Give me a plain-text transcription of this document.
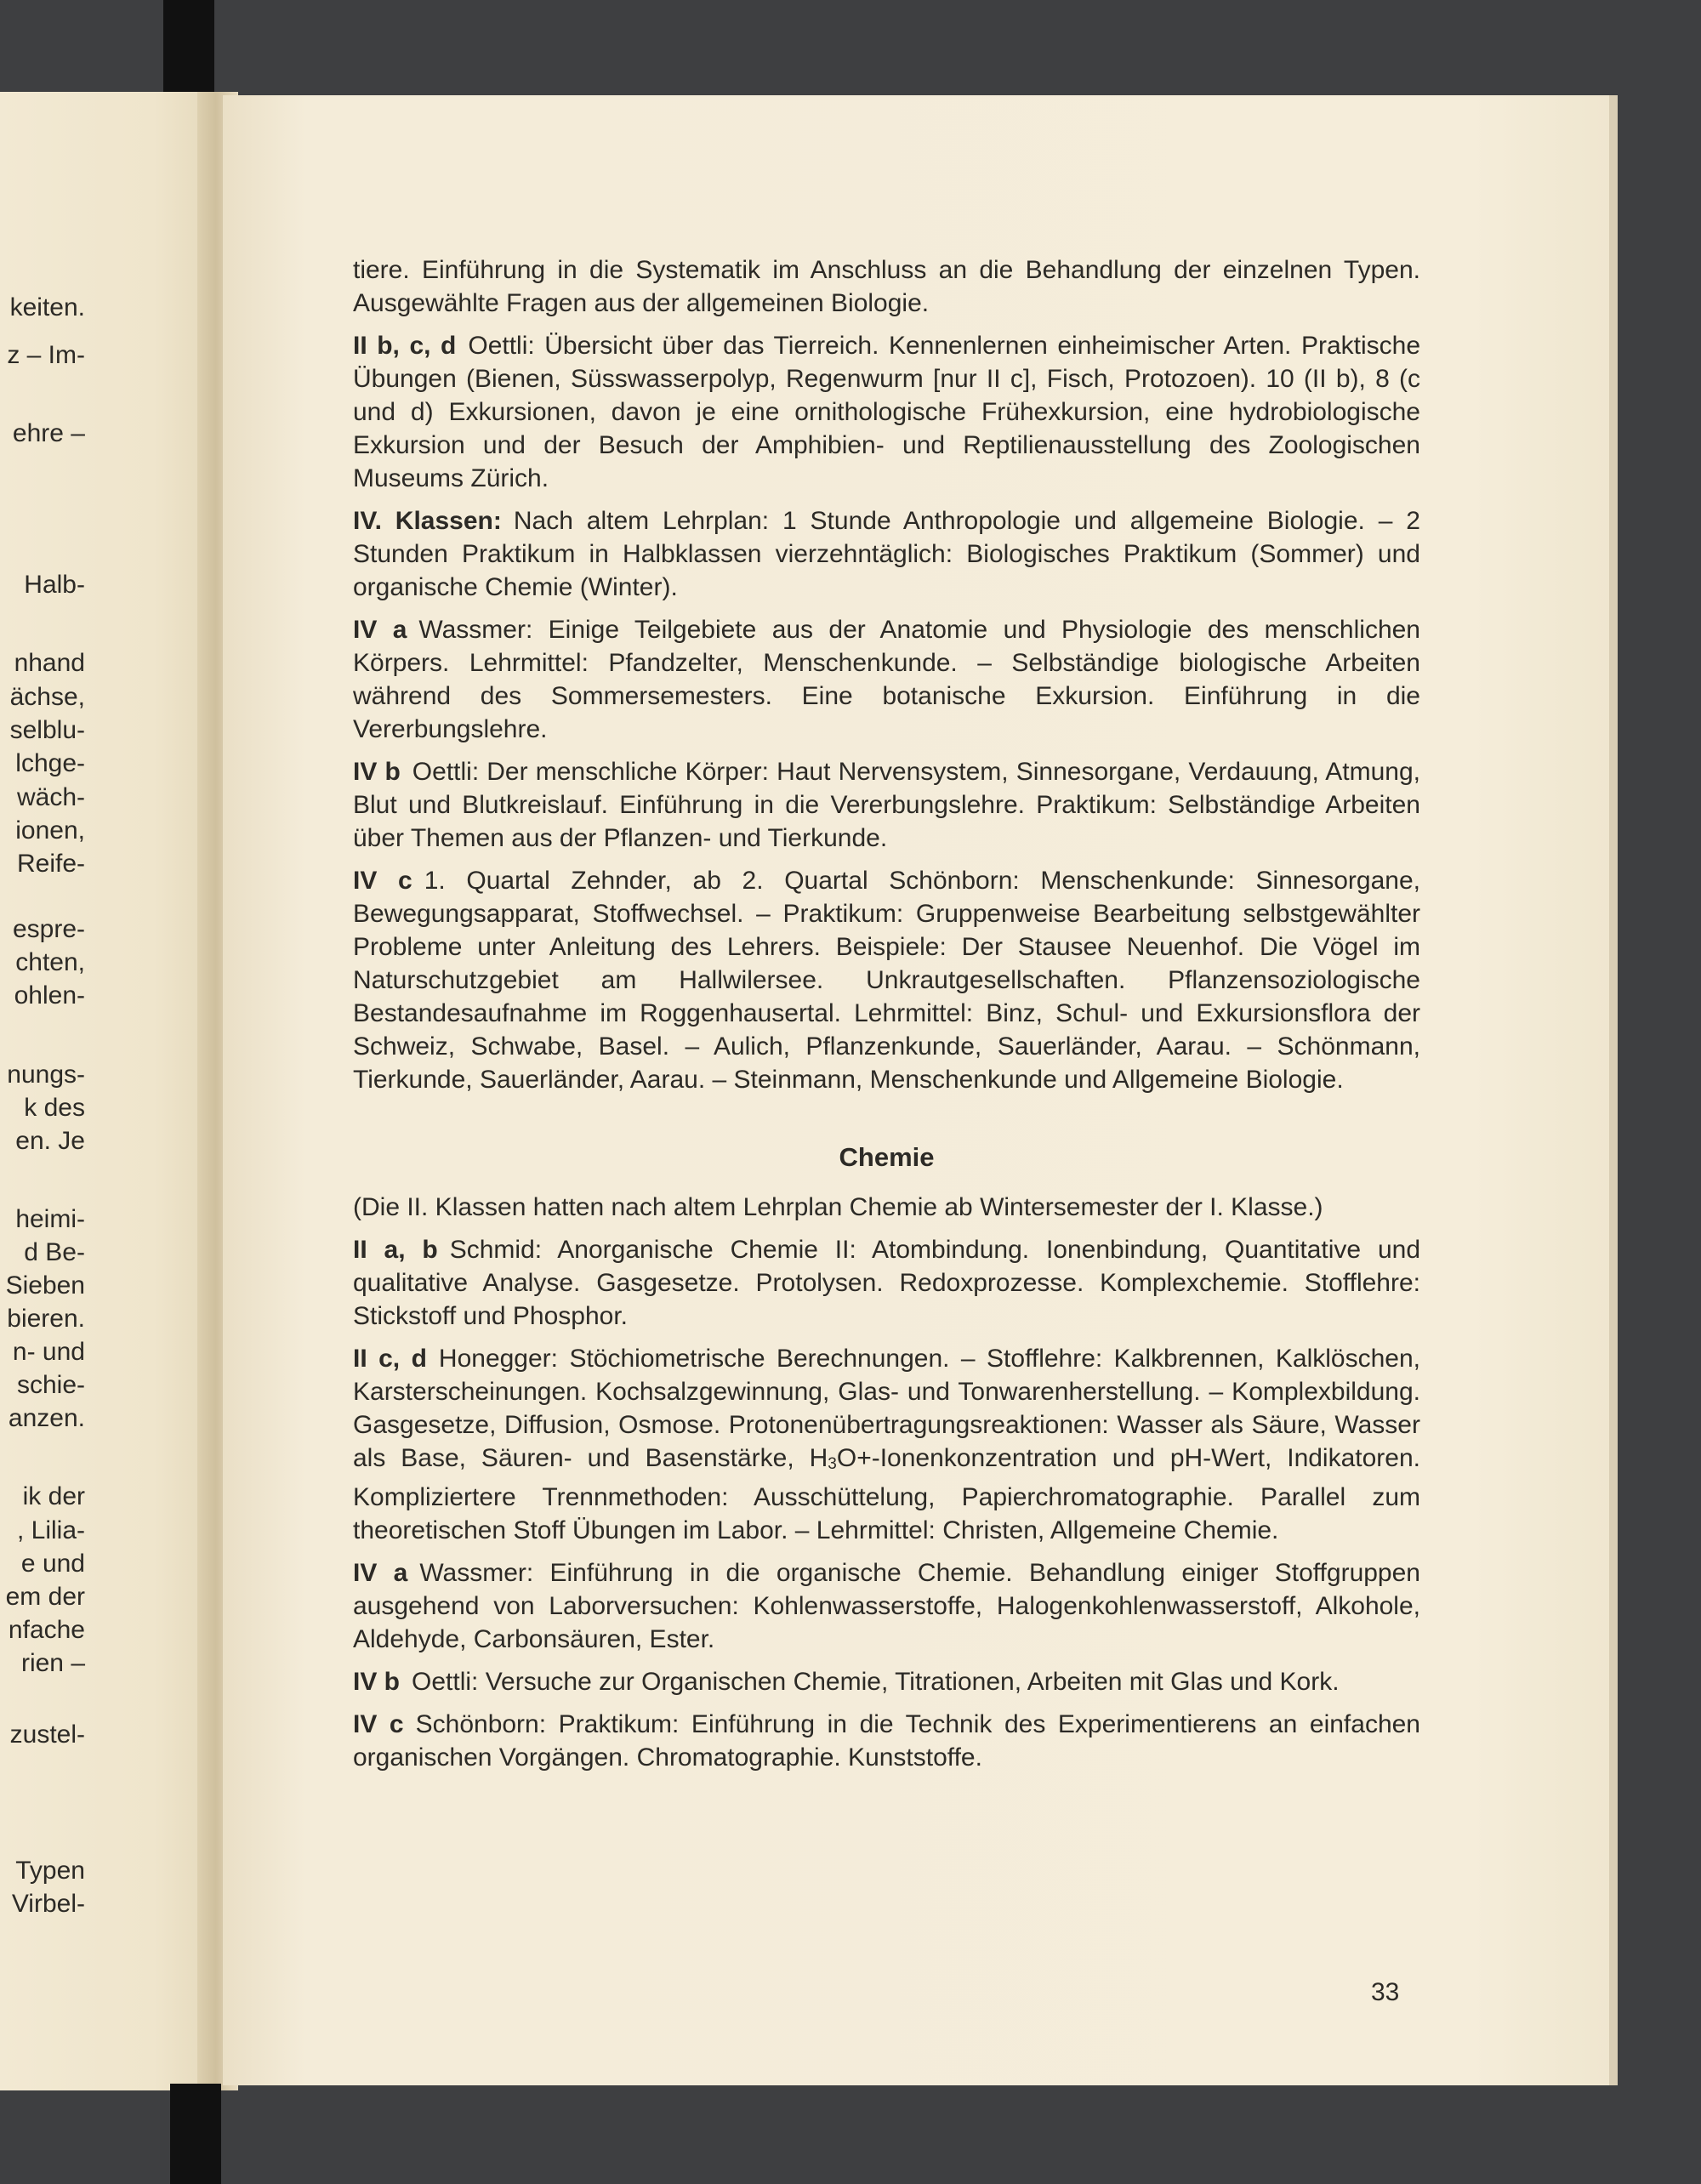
keiten.
z – Im-
ehre –
Halb-
nhand
ächse,
selblu-
lchge-
wäch-
ionen,
Reife-
espre-
chten,
ohlen-
nungs-
k des
en. Je
heimi-
d Be-
Sieben
bieren.
n- und
schie-
anzen.
ik der
, Lilia-
e und
em der
nfache
rien –
zustel-
Typen
Virbel-

tiere. Einführung in die Systematik im Anschluss an die Behandlung der einzelnen Typen. Ausgewählte Fragen aus der allgemeinen Biologie.

II b, c, d Oettli: Übersicht über das Tierreich. Kennenlernen einheimischer Arten. Praktische Übungen (Bienen, Süsswasserpolyp, Regenwurm [nur II c], Fisch, Protozoen). 10 (II b), 8 (c und d) Exkursionen, davon je eine ornithologische Frühexkursion, eine hydrobiologische Exkursion und der Besuch der Amphibien- und Reptilienausstellung des Zoologischen Museums Zürich.

IV. Klassen: Nach altem Lehrplan: 1 Stunde Anthropologie und allgemeine Biologie. – 2 Stunden Praktikum in Halbklassen vierzehntäglich: Biologisches Praktikum (Sommer) und organische Chemie (Winter).

IV a Wassmer: Einige Teilgebiete aus der Anatomie und Physiologie des menschlichen Körpers. Lehrmittel: Pfandzelter, Menschenkunde. – Selbständige biologische Arbeiten während des Sommersemesters. Eine botanische Exkursion. Einführung in die Vererbungslehre.

IV b Oettli: Der menschliche Körper: Haut Nervensystem, Sinnesorgane, Verdauung, Atmung, Blut und Blutkreislauf. Einführung in die Vererbungslehre. Praktikum: Selbständige Arbeiten über Themen aus der Pflanzen- und Tierkunde.

IV c 1. Quartal Zehnder, ab 2. Quartal Schönborn: Menschenkunde: Sinnesorgane, Bewegungsapparat, Stoffwechsel. – Praktikum: Gruppenweise Bearbeitung selbstgewählter Probleme unter Anleitung des Lehrers. Beispiele: Der Stausee Neuenhof. Die Vögel im Naturschutzgebiet am Hallwilersee. Unkrautgesellschaften. Pflanzensoziologische Bestandesaufnahme im Roggenhausertal. Lehrmittel: Binz, Schul- und Exkursionsflora der Schweiz, Schwabe, Basel. – Aulich, Pflanzenkunde, Sauerländer, Aarau. – Schönmann, Tierkunde, Sauerländer, Aarau. – Steinmann, Menschenkunde und Allgemeine Biologie.

Chemie

(Die II. Klassen hatten nach altem Lehrplan Chemie ab Wintersemester der I. Klasse.)

II a, b Schmid: Anorganische Chemie II: Atombindung. Ionenbindung, Quantitative und qualitative Analyse. Gasgesetze. Protolysen. Redoxprozesse. Komplexchemie. Stofflehre: Stickstoff und Phosphor.

II c, d Honegger: Stöchiometrische Berechnungen. – Stofflehre: Kalkbrennen, Kalklöschen, Karsterscheinungen. Kochsalzgewinnung, Glas- und Tonwarenherstellung. – Komplexbildung. Gasgesetze, Diffusion, Osmose. Protonenübertragungsreaktionen: Wasser als Säure, Wasser als Base, Säuren- und Basenstärke, $H_3O+$-Ionenkonzentration und pH-Wert, Indikatoren. Kompliziertere Trennmethoden: Ausschüttelung, Papierchromatographie. Parallel zum theoretischen Stoff Übungen im Labor. – Lehrmittel: Christen, Allgemeine Chemie.

IV a Wassmer: Einführung in die organische Chemie. Behandlung einiger Stoffgruppen ausgehend von Laborversuchen: Kohlenwasserstoffe, Halogenkohlenwasserstoff, Alkohole, Aldehyde, Carbonsäuren, Ester.

IV b Oettli: Versuche zur Organischen Chemie, Titrationen, Arbeiten mit Glas und Kork.

IV c Schönborn: Praktikum: Einführung in die Technik des Experimentierens an einfachen organischen Vorgängen. Chromatographie. Kunststoffe.

33
